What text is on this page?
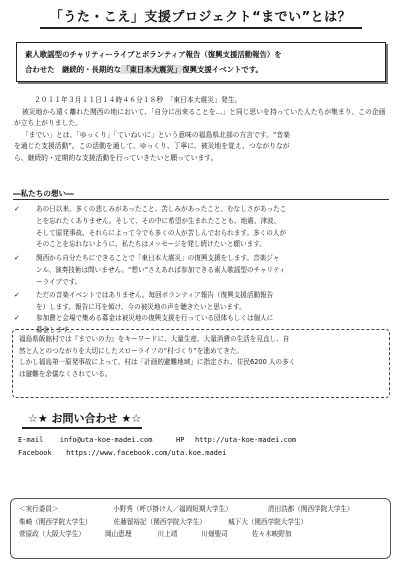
「うた・こえ」支援プロジェクト“までい”とは？

素人歌謡型のチャリティーライブとボランティア報告（復興支援活動報告）を

合わせた　継続的・長期的な「東日本大震災」復興支援イベントです。

２０１１年３月１１日１４時４６分１８秒　「東日本大震災」発生。
被災地から遠く離れた関西の地において、「自分に出来ることを…」と同じ思いを持っていた人たちが集まり、この企画が立ち上がりました。
「までい」とは、「ゆっくり」「ていねいに」という意味の福島県北部の方言です。“音楽
を通じた支援活動”。この活動を通して、ゆっくり、丁寧に、被災地を覚え、つながりなが
ら、継続的・定期的な支援活動を行っていきたいと願っています。
―私たちの想い―
✓	あの日以来、多くの悲しみがあったこと、苦しみがあったこと、むなしさがあったこ
とを忘れたくありません。そして、その中に希望が生まれたことも。地震、津波、
そして原発事故、それらによって今でも多くの人が苦しんでおられます。多くの人が
そのことを忘れないように、私たちはメッセージを発し続けたいと願います。
✓	関西から自分たちにできることで「東日本大震災」の復興支援をします。音楽ジャ
ンル、演奏技術は問いません。“想い”さえあれば参加できる素人歌謡型のチャリティ
ーライブです。
✓	ただの音楽イベントではありません。毎回ボランティア報告（復興支援活動報告
を）します。報告に耳を傾け、今の被災地の声を聴きたいと思います。
✓	参加費と会場で集める募金は被災地の復興支援を行っている団体もしくは個人に
募金します。
福島県飯舘村では『までいの力』をキーワードに、大量生産、大量消費の生活を見直し、自
然と人とのつながりを大切にしたスローライフの“村づくり”を進めてきた。
しかし福島第一原発事故によって、村は「計画的避難地域」に指定され、住民6200 人の多く
は避難を余儀なくされている。
☆★ お問い合わせ ★☆
E-mail info@uta-koe-madei.com	HP http://uta-koe-madei.com
Facebook https://www.facebook.com/uta.koe.madei
＜実行委員＞	小野秀（呼び掛け人／福岡短期大学生）	清田浩都（関西学院大学生）
柴崎（関西学院大学生）	佐藤留裕記（関西学院大学生）	城下大（関西学院大学生）
菅原政（大阪大学生）	岡山恵理	川上靖	川畑聖司	佐々木映野加
